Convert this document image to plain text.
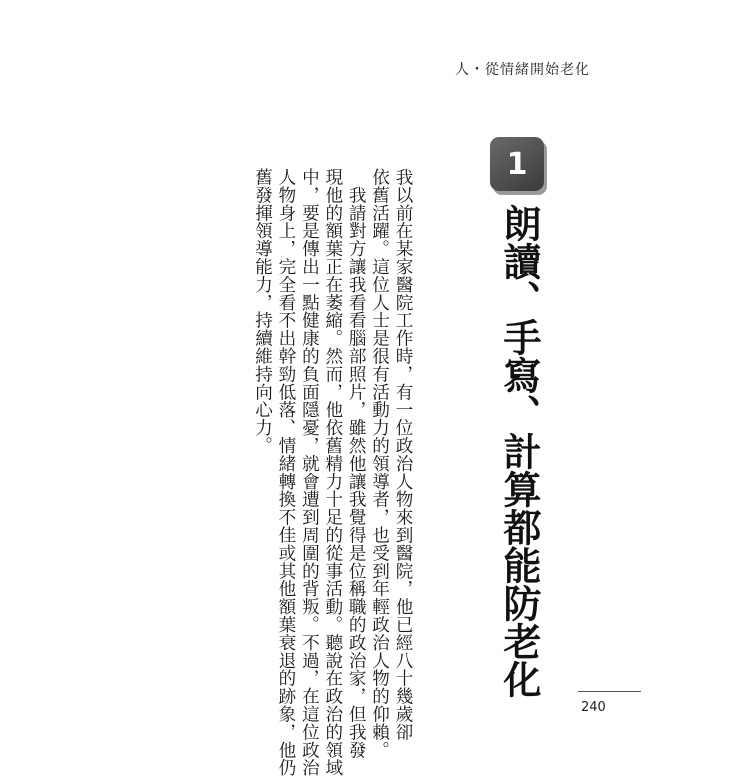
人・從情緒開始老化
1
朗讀、手寫、計算都能防老化

我以前在某家醫院工作時，有一位政治人物來到醫院，他已經八十幾歲卻

依舊活躍。這位人士是很有活動力的領導者，也受到年輕政治人物的仰賴。

　我請對方讓我看看腦部照片，雖然他讓我覺得是位稱職的政治家，但我發

現他的額葉正在萎縮。然而，他依舊精力十足的從事活動。聽說在政治的領域

中，要是傳出一點健康的負面隱憂，就會遭到周圍的背叛。不過，在這位政治

人物身上，完全看不出幹勁低落、情緒轉換不佳或其他額葉衰退的跡象，他仍

舊發揮領導能力，持續維持向心力。

240
